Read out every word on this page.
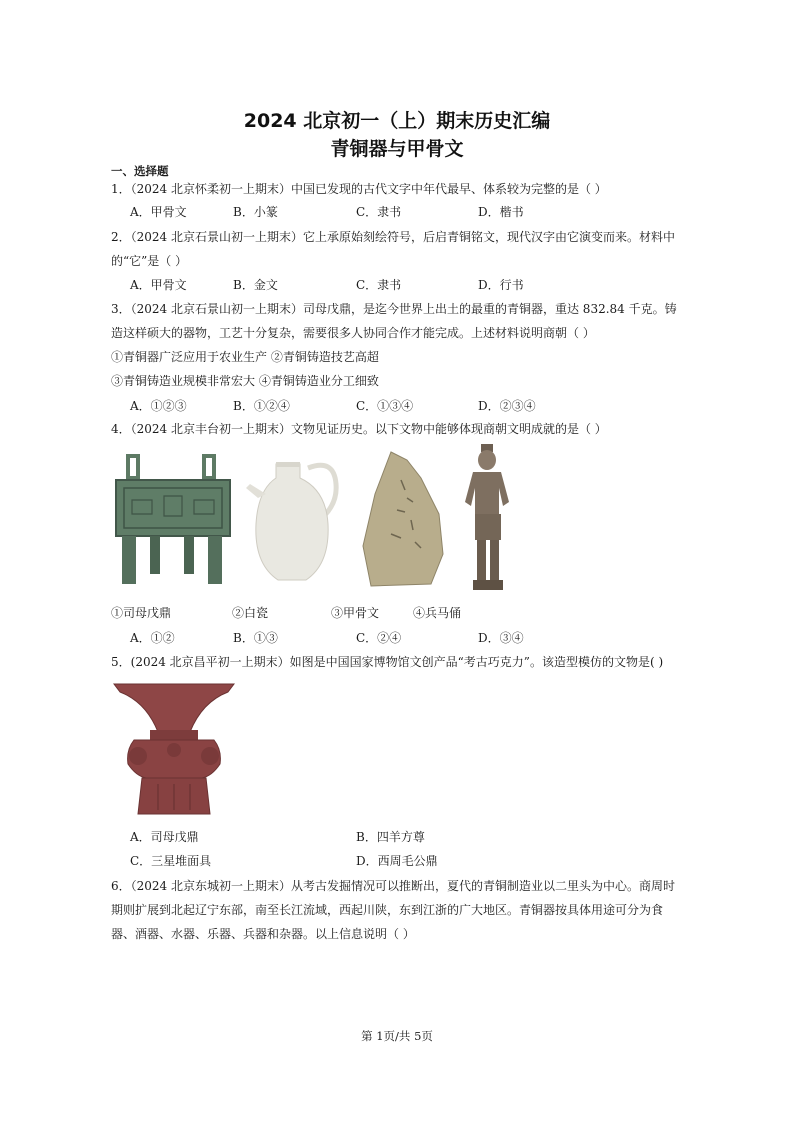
2024 北京初一（上）期末历史汇编
青铜器与甲骨文
一、选择题
1．（2024 北京怀柔初一上期末）中国已发现的古代文字中年代最早、体系较为完整的是（ ）
A．甲骨文	B．小篆	C．隶书	D．楷书
2．（2024 北京石景山初一上期末）它上承原始刻绘符号，后启青铜铭文，现代汉字由它演变而来。材料中
的“它”是（ ）
A．甲骨文	B．金文	C．隶书	D．行书
3．（2024 北京石景山初一上期末）司母戊鼎，是迄今世界上出土的最重的青铜器，重达 832.84 千克。铸
造这样硕大的器物，工艺十分复杂，需要很多人协同合作才能完成。上述材料说明商朝（ ）
①青铜器广泛应用于农业生产 ②青铜铸造技艺高超
③青铜铸造业规模非常宏大 ④青铜铸造业分工细致
A．①②③	B．①②④	C．①③④	D．②③④
4．（2024 北京丰台初一上期末）文物见证历史。以下文物中能够体现商朝文明成就的是（ ）
①司母戊鼎	②白瓷	③甲骨文	④兵马俑
A．①②	B．①③	C．②④	D．③④
5．(2024 北京昌平初一上期末）如图是中国国家博物馆文创产品“考古巧克力”。该造型模仿的文物是( )
A．司母戊鼎	B．四羊方尊
C．三星堆面具	D．西周毛公鼎
6．（2024 北京东城初一上期末）从考古发掘情况可以推断出，夏代的青铜制造业以二里头为中心。商周时
期则扩展到北起辽宁东部，南至长江流域，西起川陕，东到江浙的广大地区。青铜器按具体用途可分为食
器、酒器、水器、乐器、兵器和杂器。以上信息说明（ ）
第 1页/共 5页
